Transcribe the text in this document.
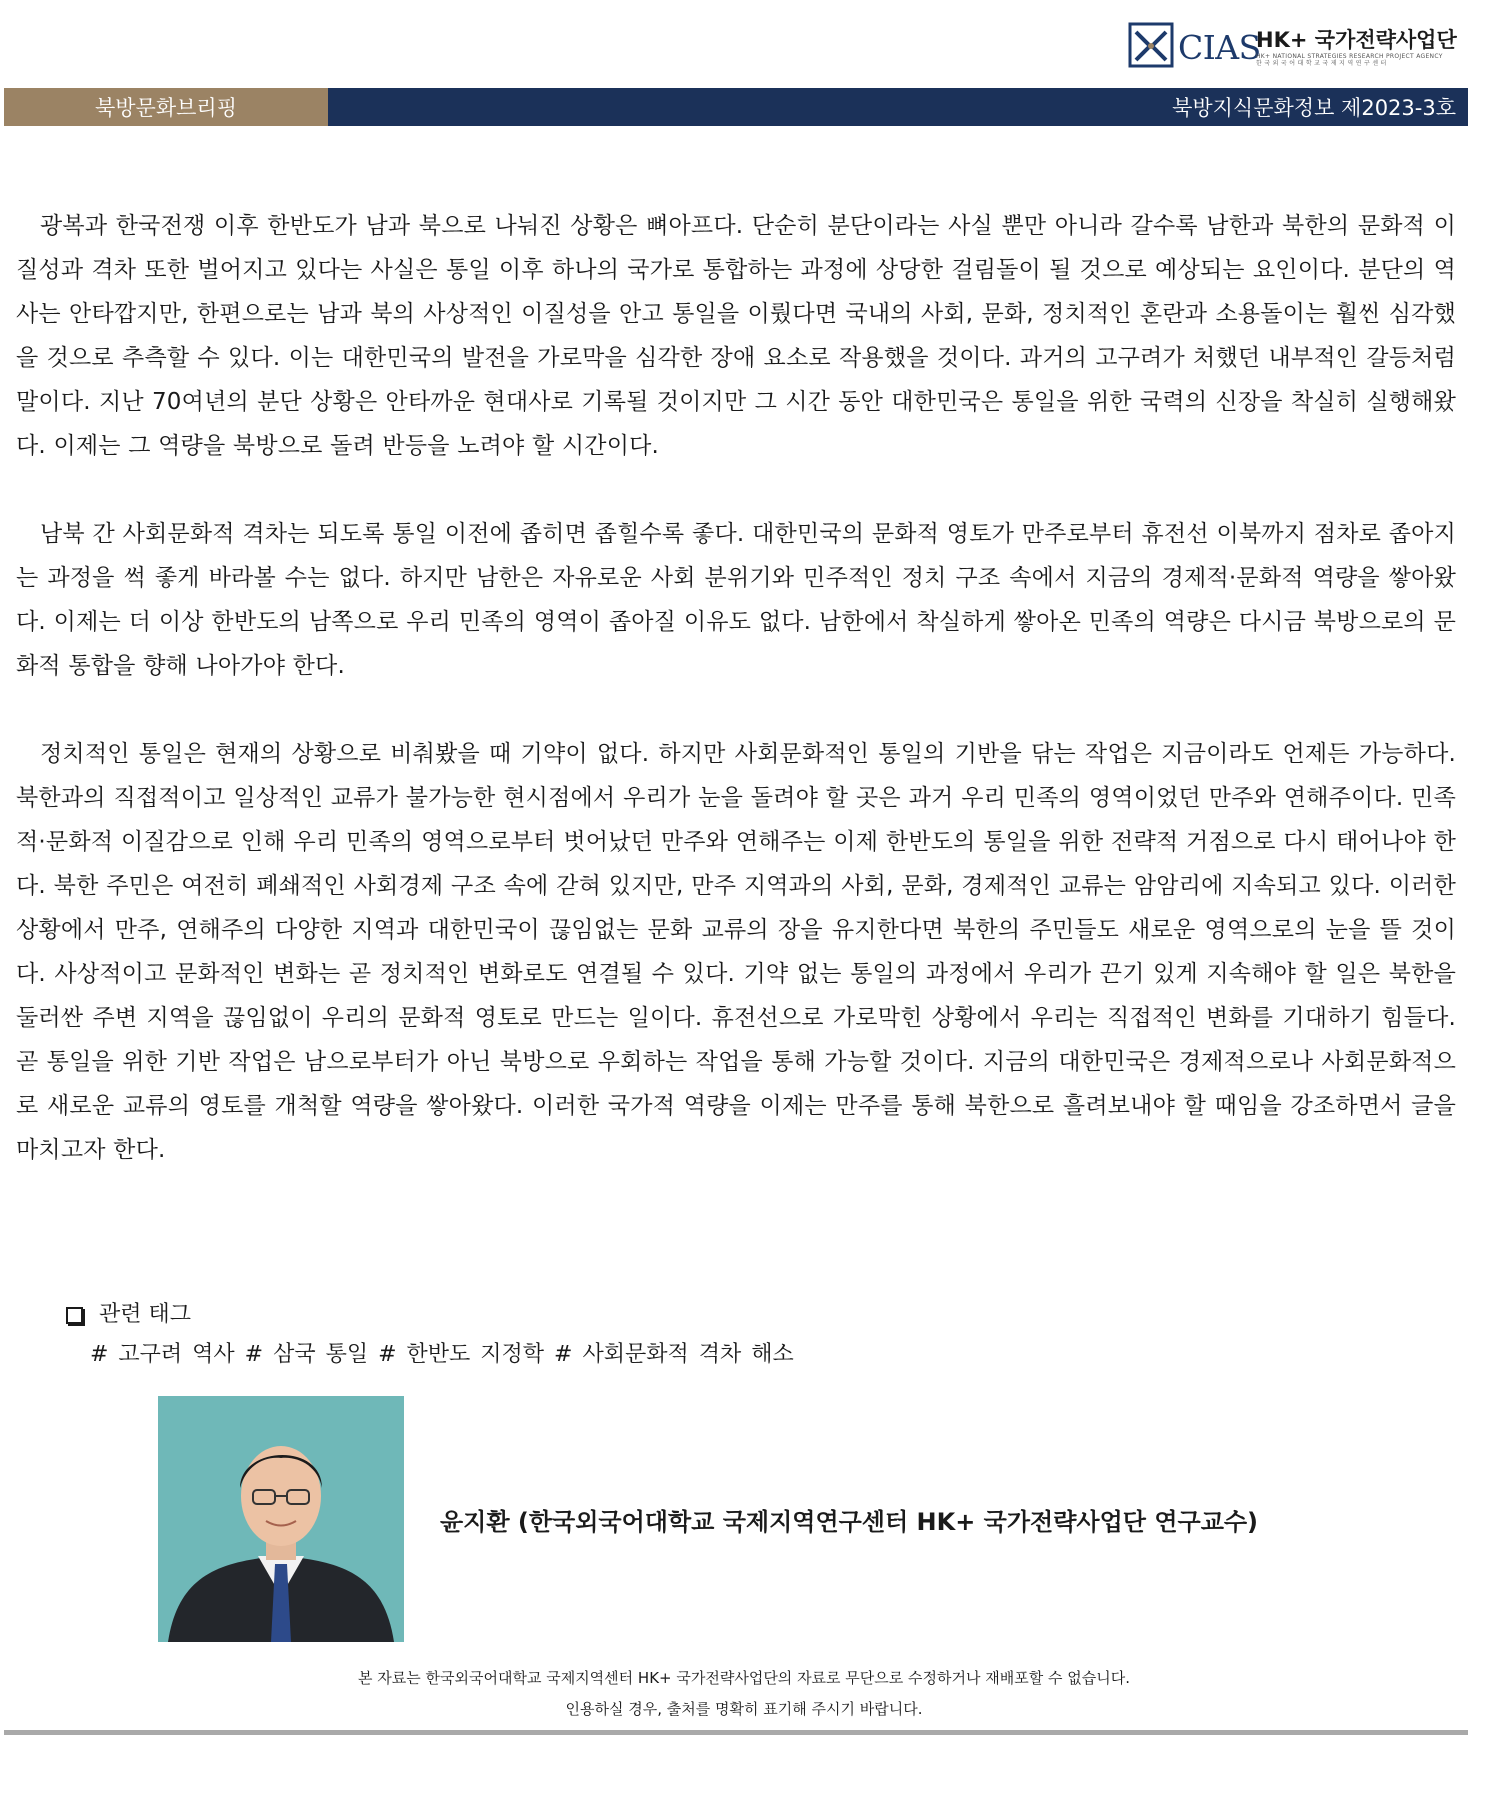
CIAS
HK+ 국가전략사업단
HK+ NATIONAL STRATEGIES RESEARCH PROJECT AGENCY
한 국 외 국 어 대 학 교 국 제 지 역 연 구 센 터
북방문화브리핑	북방지식문화정보 제2023-3호

광복과 한국전쟁 이후 한반도가 남과 북으로 나눠진 상황은 뼈아프다. 단순히 분단이라는 사실 뿐만 아니라 갈수록 남한과 북한의 문화적 이질성과 격차 또한 벌어지고 있다는 사실은 통일 이후 하나의 국가로 통합하는 과정에 상당한 걸림돌이 될 것으로 예상되는 요인이다. 분단의 역사는 안타깝지만, 한편으로는 남과 북의 사상적인 이질성을 안고 통일을 이뤘다면 국내의 사회, 문화, 정치적인 혼란과 소용돌이는 훨씬 심각했을 것으로 추측할 수 있다. 이는 대한민국의 발전을 가로막을 심각한 장애 요소로 작용했을 것이다. 과거의 고구려가 처했던 내부적인 갈등처럼 말이다. 지난 70여년의 분단 상황은 안타까운 현대사로 기록될 것이지만 그 시간 동안 대한민국은 통일을 위한 국력의 신장을 착실히 실행해왔다. 이제는 그 역량을 북방으로 돌려 반등을 노려야 할 시간이다.

남북 간 사회문화적 격차는 되도록 통일 이전에 좁히면 좁힐수록 좋다. 대한민국의 문화적 영토가 만주로부터 휴전선 이북까지 점차로 좁아지는 과정을 썩 좋게 바라볼 수는 없다. 하지만 남한은 자유로운 사회 분위기와 민주적인 정치 구조 속에서 지금의 경제적·문화적 역량을 쌓아왔다. 이제는 더 이상 한반도의 남쪽으로 우리 민족의 영역이 좁아질 이유도 없다. 남한에서 착실하게 쌓아온 민족의 역량은 다시금 북방으로의 문화적 통합을 향해 나아가야 한다.

정치적인 통일은 현재의 상황으로 비춰봤을 때 기약이 없다. 하지만 사회문화적인 통일의 기반을 닦는 작업은 지금이라도 언제든 가능하다. 북한과의 직접적이고 일상적인 교류가 불가능한 현시점에서 우리가 눈을 돌려야 할 곳은 과거 우리 민족의 영역이었던 만주와 연해주이다. 민족적·문화적 이질감으로 인해 우리 민족의 영역으로부터 벗어났던 만주와 연해주는 이제 한반도의 통일을 위한 전략적 거점으로 다시 태어나야 한다. 북한 주민은 여전히 폐쇄적인 사회경제 구조 속에 갇혀 있지만, 만주 지역과의 사회, 문화, 경제적인 교류는 암암리에 지속되고 있다. 이러한 상황에서 만주, 연해주의 다양한 지역과 대한민국이 끊임없는 문화 교류의 장을 유지한다면 북한의 주민들도 새로운 영역으로의 눈을 뜰 것이다. 사상적이고 문화적인 변화는 곧 정치적인 변화로도 연결될 수 있다. 기약 없는 통일의 과정에서 우리가 끈기 있게 지속해야 할 일은 북한을 둘러싼 주변 지역을 끊임없이 우리의 문화적 영토로 만드는 일이다. 휴전선으로 가로막힌 상황에서 우리는 직접적인 변화를 기대하기 힘들다. 곧 통일을 위한 기반 작업은 남으로부터가 아닌 북방으로 우회하는 작업을 통해 가능할 것이다. 지금의 대한민국은 경제적으로나 사회문화적으로 새로운 교류의 영토를 개척할 역량을 쌓아왔다. 이러한 국가적 역량을 이제는 만주를 통해 북한으로 흘려보내야 할 때임을 강조하면서 글을 마치고자 한다.

관련 태그
# 고구려 역사 # 삼국 통일 # 한반도 지정학 # 사회문화적 격차 해소
윤지환 (한국외국어대학교 국제지역연구센터 HK+ 국가전략사업단 연구교수)
본 자료는 한국외국어대학교 국제지역센터 HK+ 국가전략사업단의 자료로 무단으로 수정하거나 재배포할 수 없습니다.
인용하실 경우, 출처를 명확히 표기해 주시기 바랍니다.
